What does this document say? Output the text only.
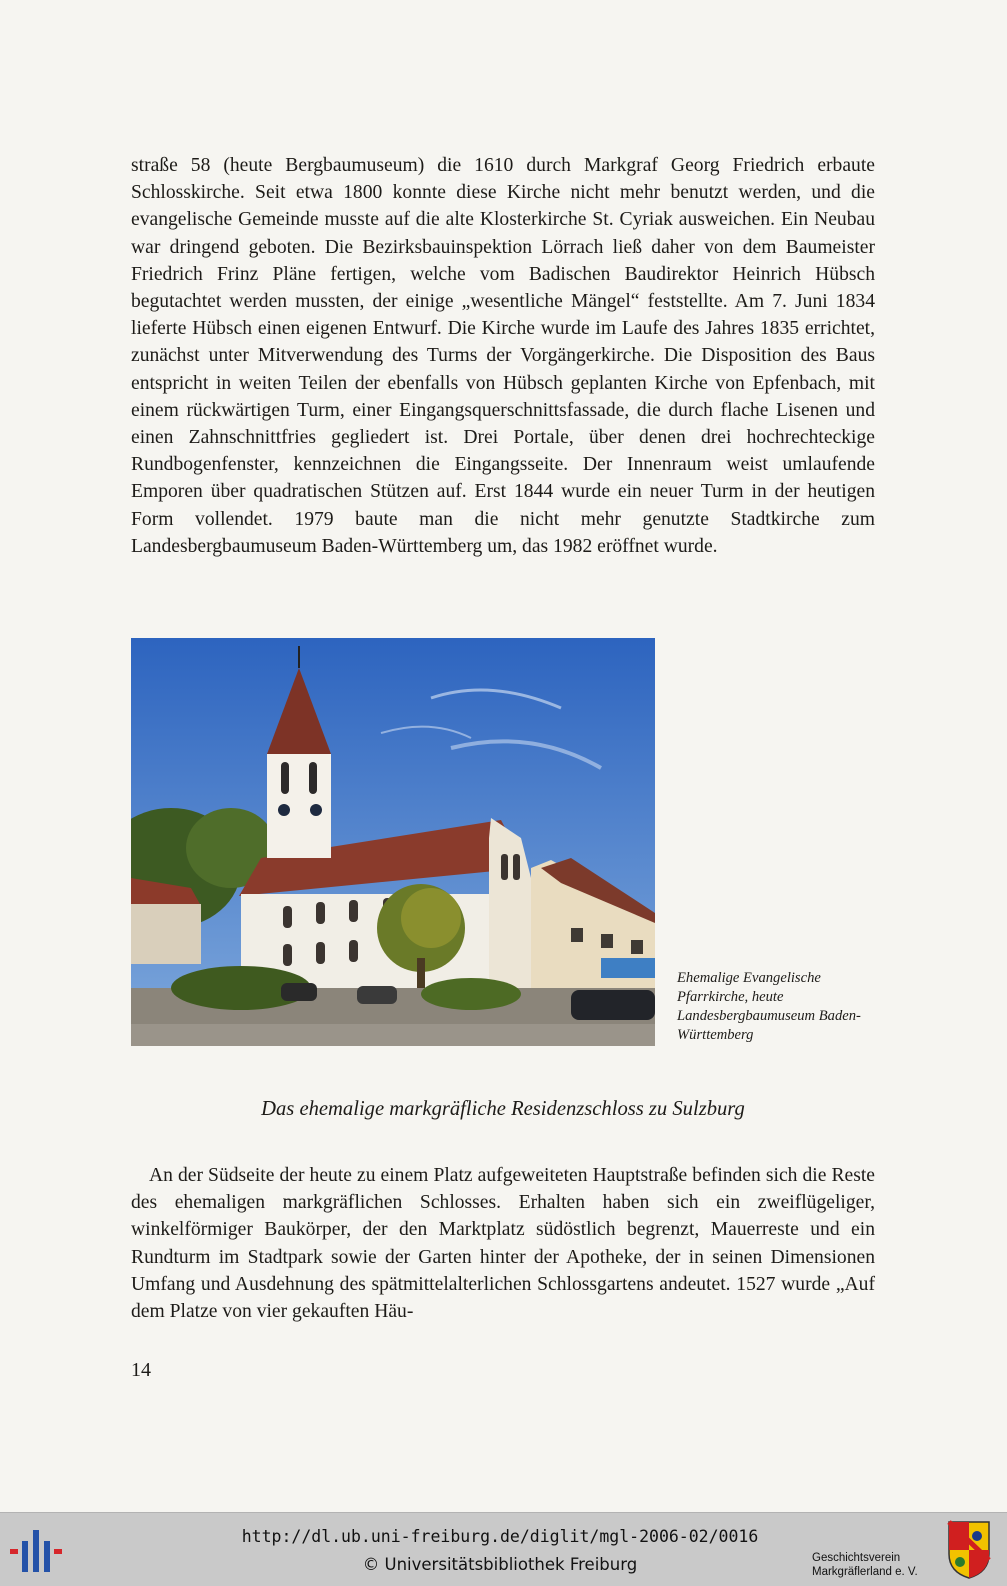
straße 58 (heute Bergbaumuseum) die 1610 durch Markgraf Georg Friedrich erbaute Schlosskirche. Seit etwa 1800 konnte diese Kirche nicht mehr benutzt werden, und die evangelische Gemeinde musste auf die alte Klosterkirche St. Cyriak ausweichen. Ein Neubau war dringend geboten. Die Bezirksbauinspektion Lörrach ließ daher von dem Baumeister Friedrich Frinz Pläne fertigen, welche vom Badischen Baudirektor Heinrich Hübsch begutachtet werden mussten, der einige „wesentliche Mängel“ feststellte. Am 7. Juni 1834 lieferte Hübsch einen eigenen Entwurf. Die Kirche wurde im Laufe des Jahres 1835 errichtet, zunächst unter Mitverwendung des Turms der Vorgängerkirche. Die Disposition des Baus entspricht in weiten Teilen der ebenfalls von Hübsch geplanten Kirche von Epfenbach, mit einem rückwärtigen Turm, einer Eingangsquerschnittsfassade, die durch flache Lisenen und einen Zahnschnittfries gegliedert ist. Drei Portale, über denen drei hochrechteckige Rundbogenfenster, kennzeichnen die Eingangsseite. Der Innenraum weist umlaufende Emporen über quadratischen Stützen auf. Erst 1844 wurde ein neuer Turm in der heutigen Form vollendet. 1979 baute man die nicht mehr genutzte Stadtkirche zum Landesbergbaumuseum Baden-Württemberg um, das 1982 eröffnet wurde.

Ehemalige Evangelische Pfarrkirche, heute Landesbergbaumuseum Baden-Württemberg

Das ehemalige markgräfliche Residenzschloss zu Sulzburg

An der Südseite der heute zu einem Platz aufgeweiteten Hauptstraße befinden sich die Reste des ehemaligen markgräflichen Schlosses. Erhalten haben sich ein zweiflügeliger, winkelförmiger Baukörper, der den Marktplatz südöstlich begrenzt, Mauerreste und ein Rundturm im Stadtpark sowie der Garten hinter der Apotheke, der in seinen Dimensionen Umfang und Ausdehnung des spätmittelalterlichen Schlossgartens andeutet. 1527 wurde „Auf dem Platze von vier gekauften Häu-

14

http://dl.ub.uni-freiburg.de/diglit/mgl-2006-02/0016
© Universitätsbibliothek Freiburg	Geschichtsverein
Markgräflerland e. V.
